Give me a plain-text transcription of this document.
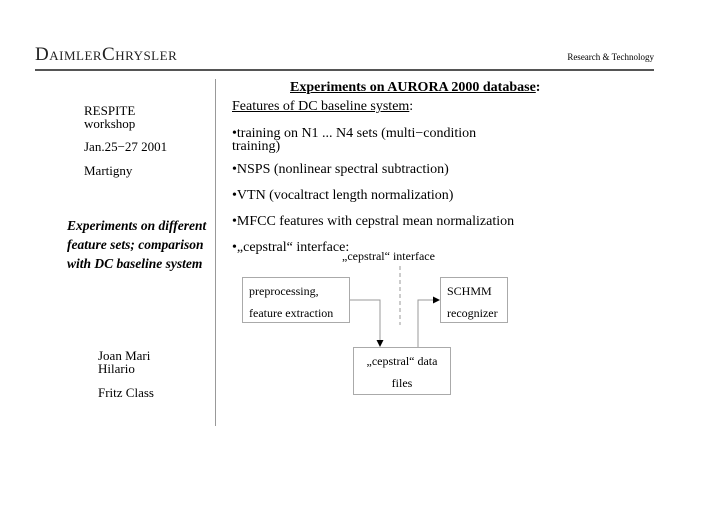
DaimlerChrysler	Research & Technology
RESPITE
workshop
Jan.25−27 2001
Martigny
Experiments on different feature sets; comparison with DC baseline system
Joan Mari
Hilario
Fritz Class
Experiments on AURORA 2000 database:
Features of DC baseline system:
•training on N1 ... N4 sets (multi−condition training)
•NSPS (nonlinear spectral subtraction)
•VTN (vocaltract length normalization)
•MFCC features with cepstral mean normalization
•„cepstral“ interface:
„cepstral“ interface
preprocessing,
feature extraction
SCHMM
recognizer
„cepstral“ data
files
